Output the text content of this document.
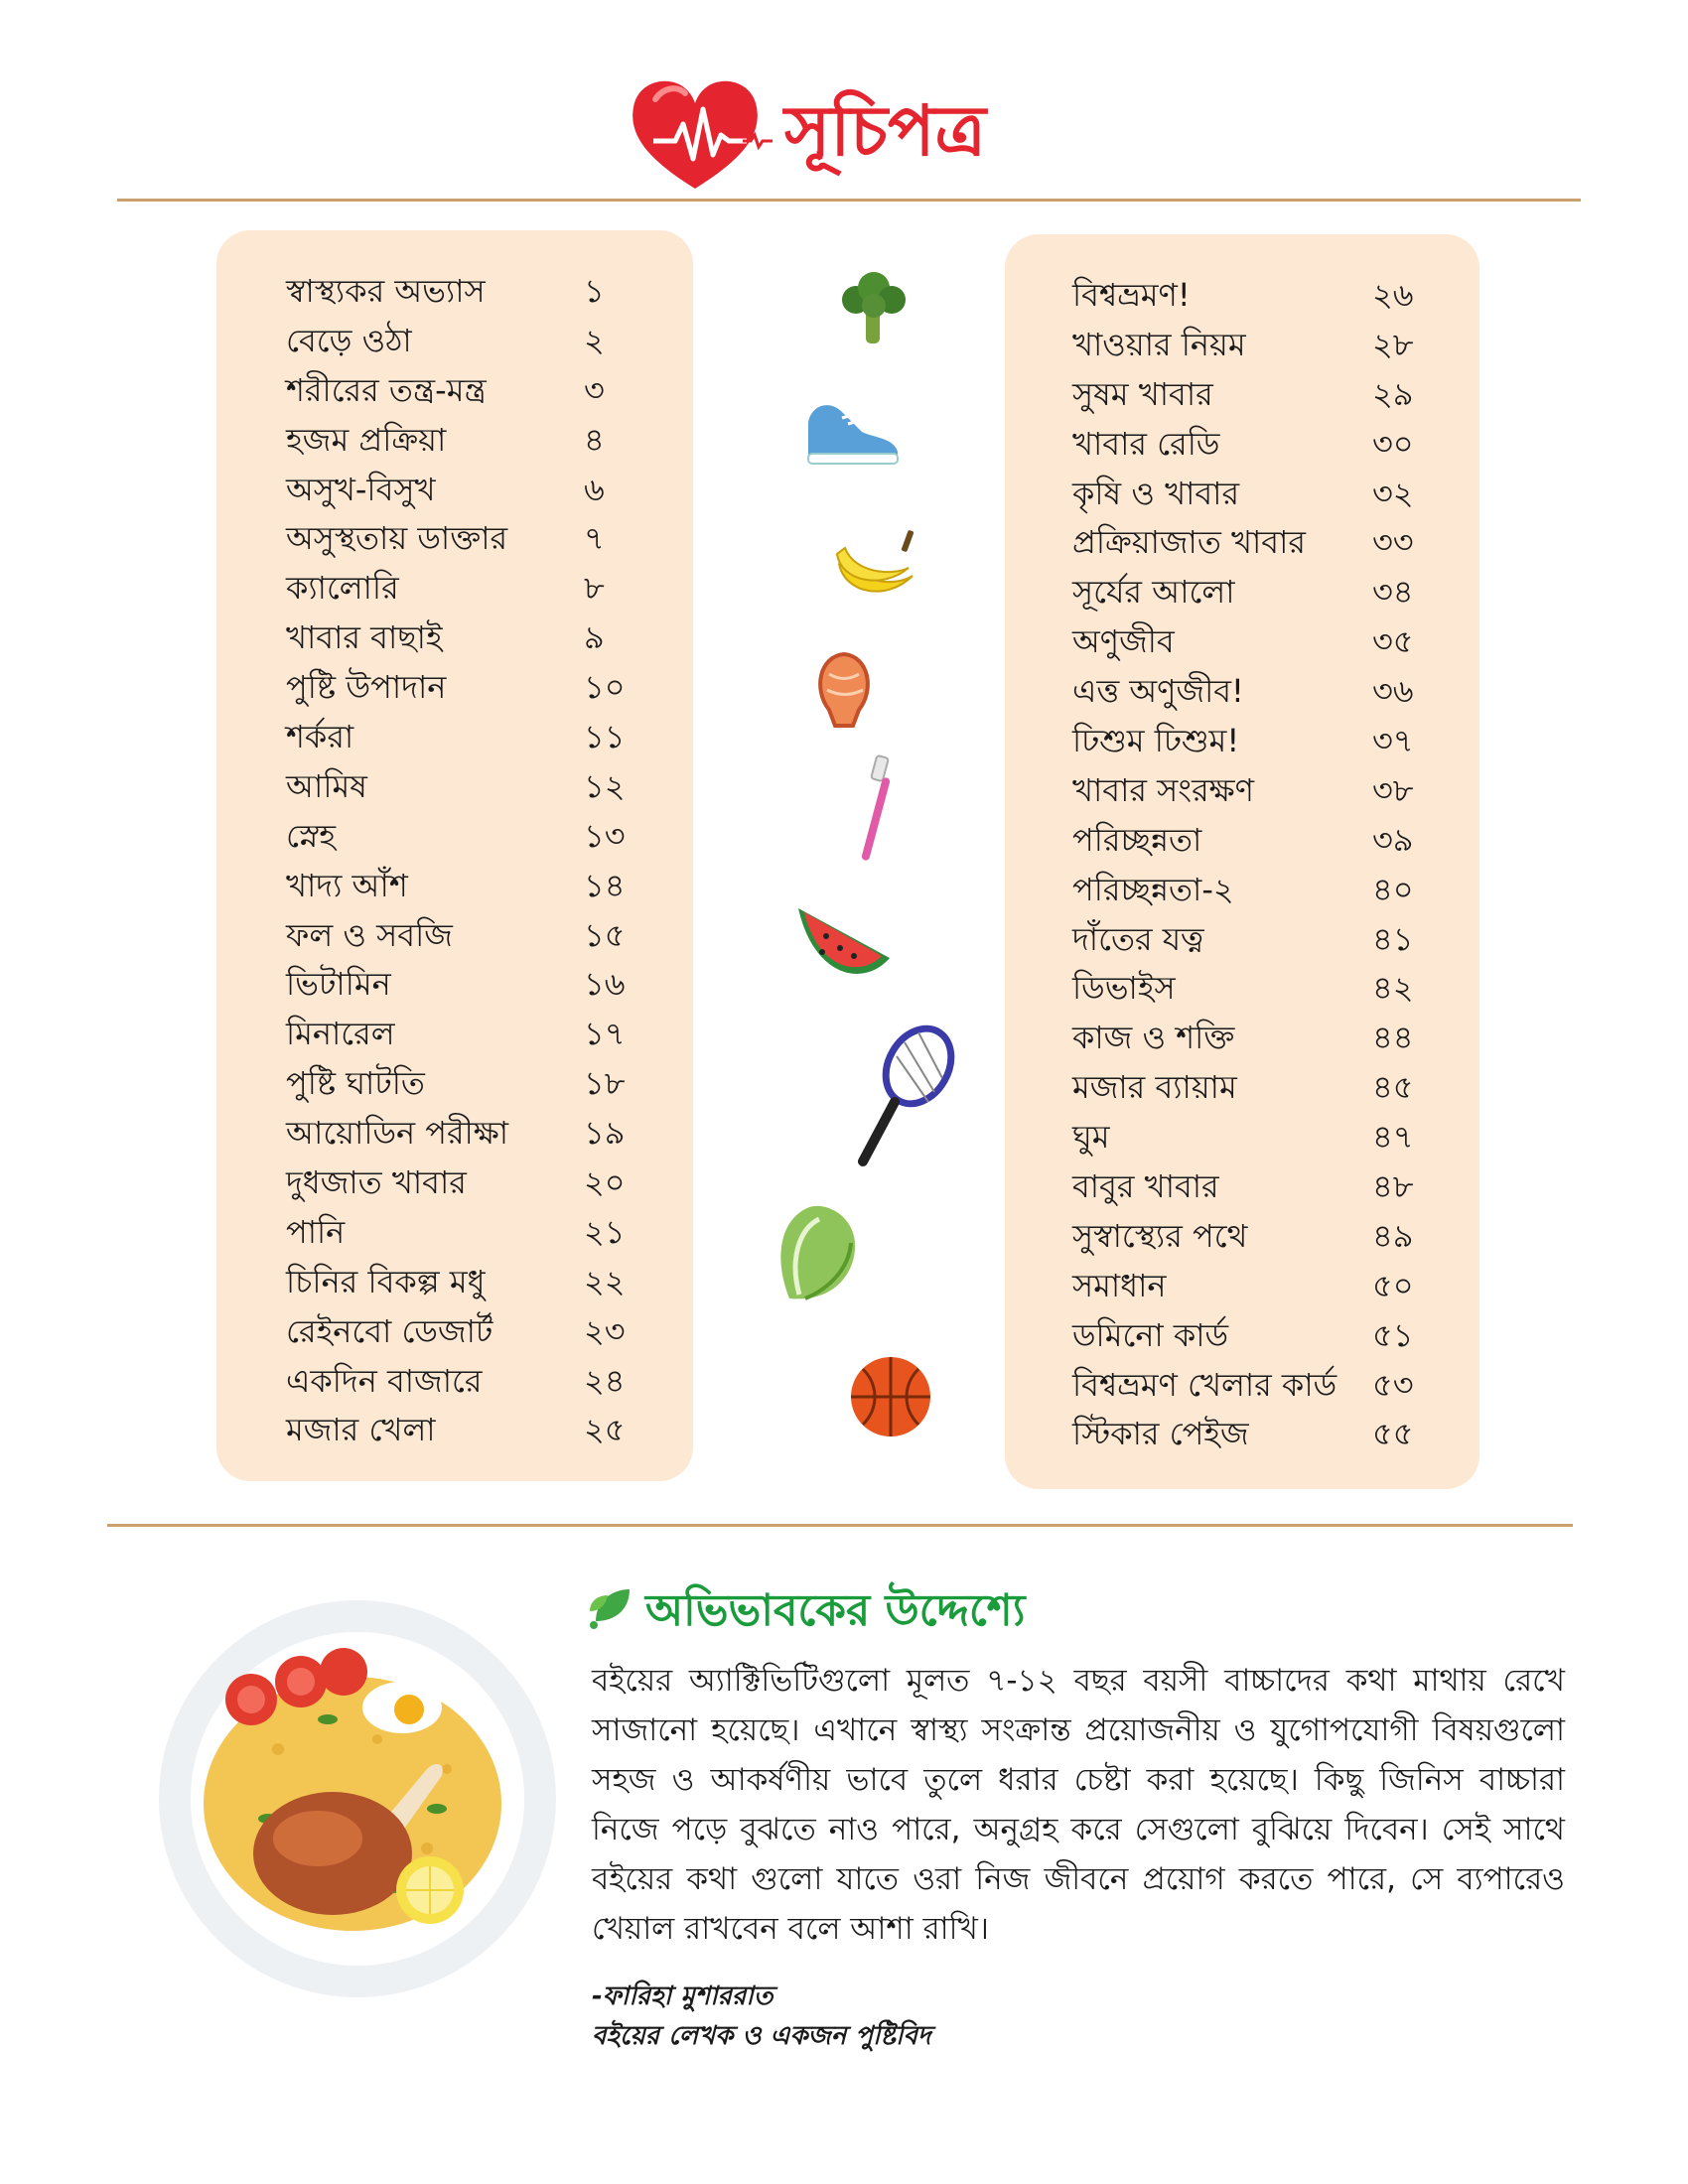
সূচিপত্র
স্বাস্থ্যকর অভ্যাস	১
বেড়ে ওঠা	২
শরীরের তন্ত্র-মন্ত্র	৩
হজম প্রক্রিয়া	৪
অসুখ-বিসুখ	৬
অসুস্থতায় ডাক্তার	৭
ক্যালোরি	৮
খাবার বাছাই	৯
পুষ্টি উপাদান	১০
শর্করা	১১
আমিষ	১২
স্নেহ	১৩
খাদ্য আঁশ	১৪
ফল ও সবজি	১৫
ভিটামিন	১৬
মিনারেল	১৭
পুষ্টি ঘাটতি	১৮
আয়োডিন পরীক্ষা	১৯
দুধজাত খাবার	২০
পানি	২১
চিনির বিকল্প মধু	২২
রেইনবো ডেজার্ট	২৩
একদিন বাজারে	২৪
মজার খেলা	২৫
বিশ্বভ্রমণ!	২৬
খাওয়ার নিয়ম	২৮
সুষম খাবার	২৯
খাবার রেডি	৩০
কৃষি ও খাবার	৩২
প্রক্রিয়াজাত খাবার	৩৩
সূর্যের আলো	৩৪
অণুজীব	৩৫
এত্ত অণুজীব!	৩৬
ঢিশুম ঢিশুম!	৩৭
খাবার সংরক্ষণ	৩৮
পরিচ্ছন্নতা	৩৯
পরিচ্ছন্নতা-২	৪০
দাঁতের যত্ন	৪১
ডিভাইস	৪২
কাজ ও শক্তি	৪৪
মজার ব্যায়াম	৪৫
ঘুম	৪৭
বাবুর খাবার	৪৮
সুস্বাস্থ্যের পথে	৪৯
সমাধান	৫০
ডমিনো কার্ড	৫১
বিশ্বভ্রমণ খেলার কার্ড	৫৩
স্টিকার পেইজ	৫৫
অভিভাবকের উদ্দেশ্যে

বইয়ের অ্যাক্টিভিটিগুলো মূলত ৭-১২ বছর বয়সী বাচ্চাদের কথা মাথায় রেখে সাজানো হয়েছে। এখানে স্বাস্থ্য সংক্রান্ত প্রয়োজনীয় ও যুগোপযোগী বিষয়গুলো সহজ ও আকর্ষণীয় ভাবে তুলে ধরার চেষ্টা করা হয়েছে। কিছু জিনিস বাচ্চারা নিজে পড়ে বুঝতে নাও পারে, অনুগ্রহ করে সেগুলো বুঝিয়ে দিবেন। সেই সাথে বইয়ের কথা গুলো যাতে ওরা নিজ জীবনে প্রয়োগ করতে পারে, সে ব্যপারেও খেয়াল রাখবেন বলে আশা রাখি।

-ফারিহা মুশাররাত
বইয়ের লেখক ও একজন পুষ্টিবিদ
